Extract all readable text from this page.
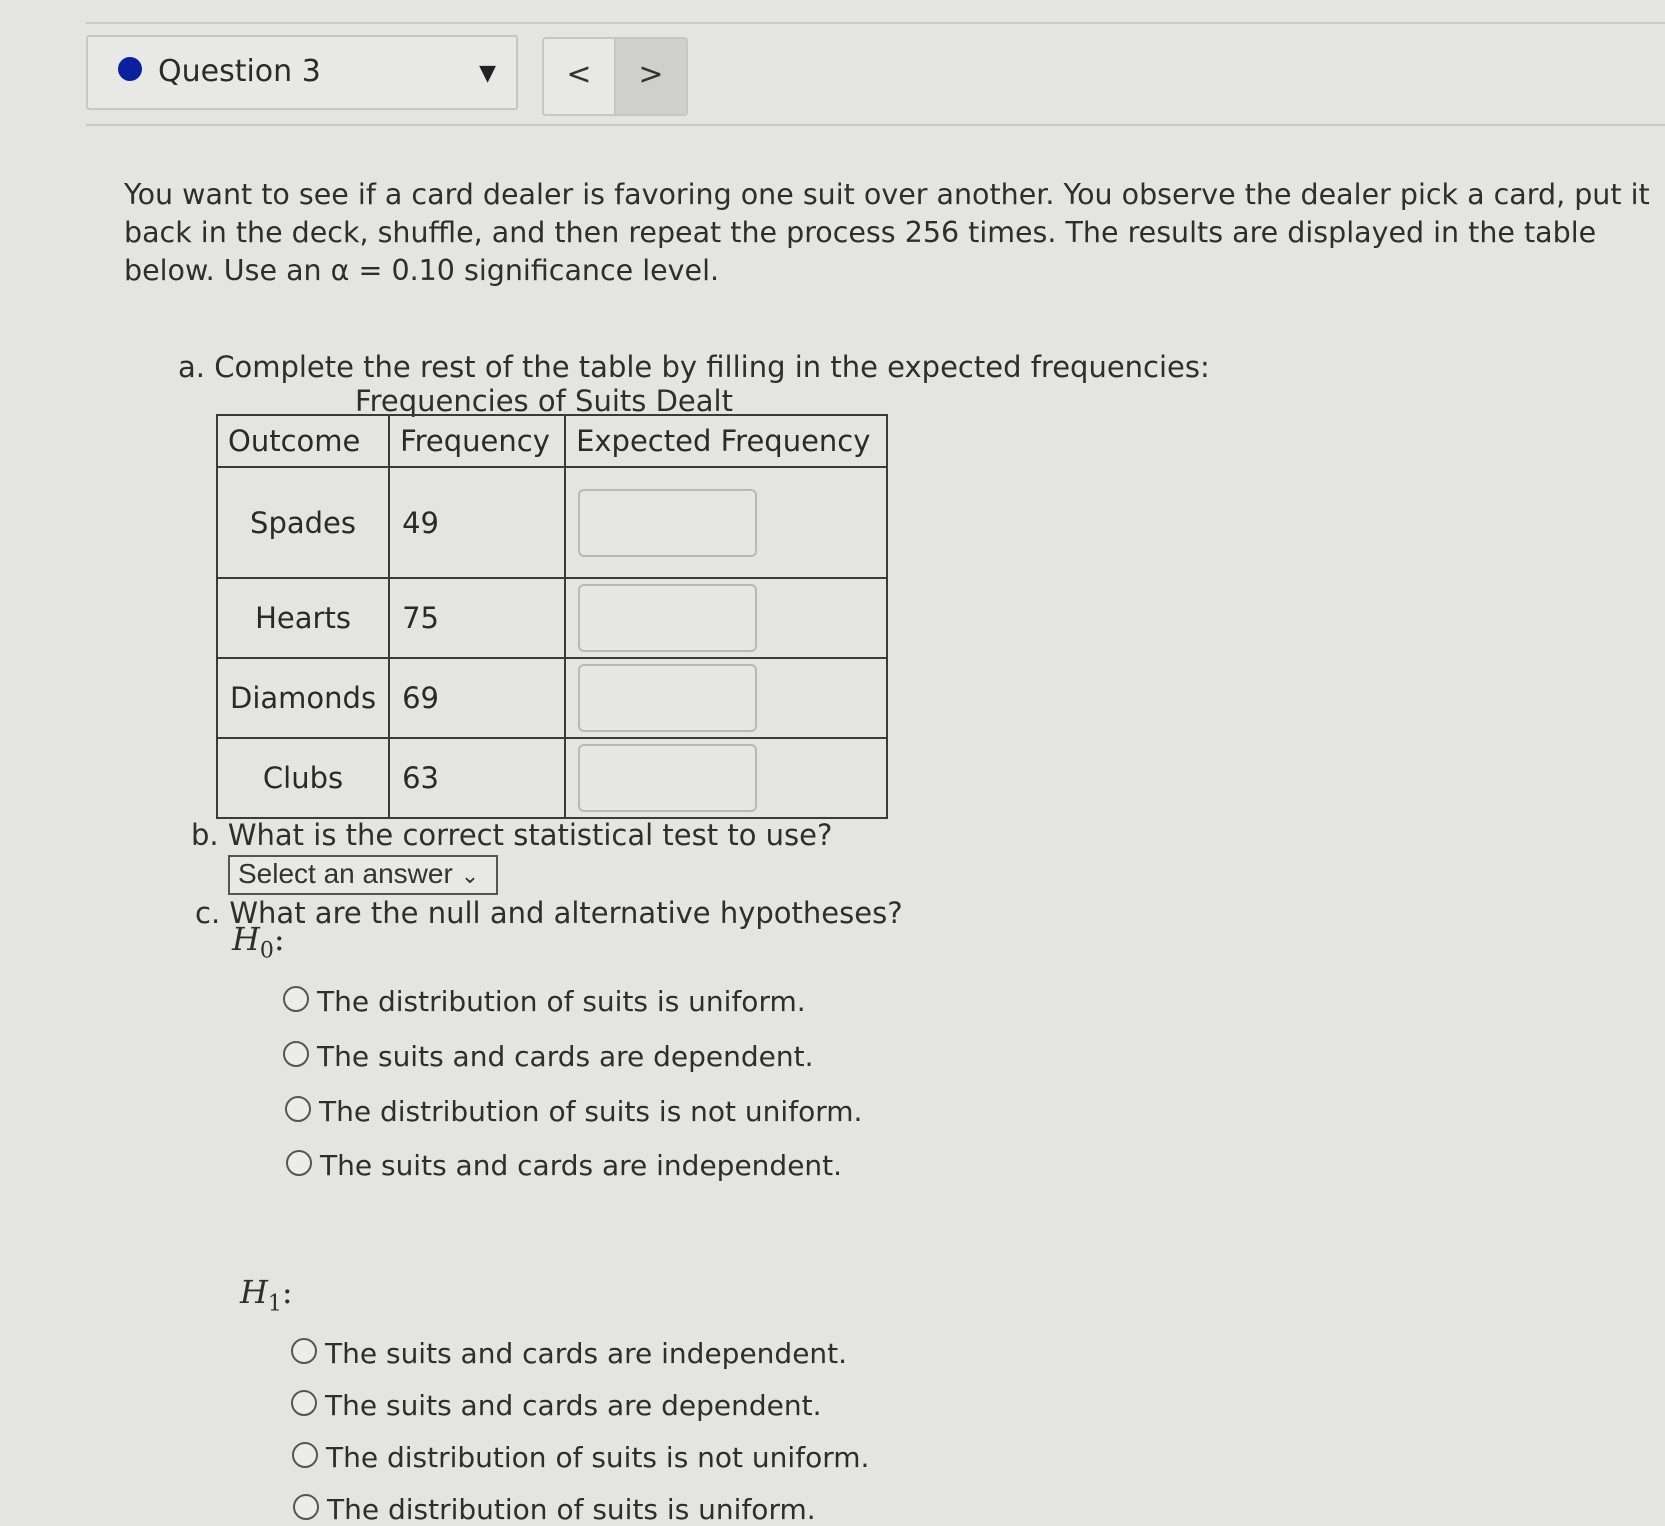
Question 3	▼	<	>
You want to see if a card dealer is favoring one suit over another. You observe the dealer pick a card, put it back in the deck, shuffle, and then repeat the process 256 times. The results are displayed in the table below. Use an α = 0.10 significance level.
a. Complete the rest of the table by filling in the expected frequencies:
Frequencies of Suits Dealt
Outcome	Frequency	Expected Frequency
Spades	49	

Hearts	75	

Diamonds	69	

Clubs	63	
b. What is the correct statistical test to use?
Select an answer ⌄
c. What are the null and alternative hypotheses?
$H_0$:
The distribution of suits is uniform.
The suits and cards are dependent.
The distribution of suits is not uniform.
The suits and cards are independent.
$H_1$:
The suits and cards are independent.
The suits and cards are dependent.
The distribution of suits is not uniform.
The distribution of suits is uniform.
